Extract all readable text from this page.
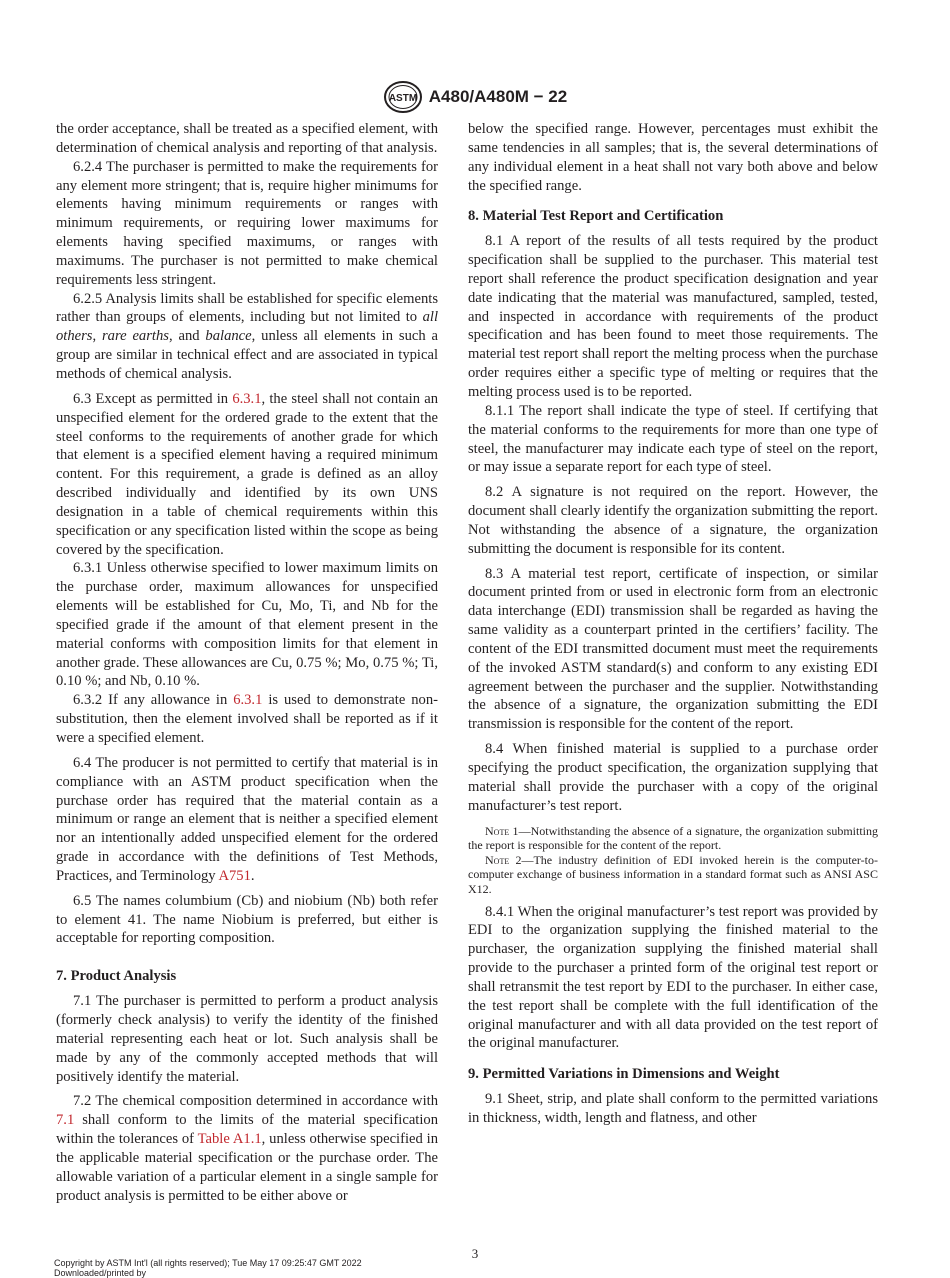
ASTM A480/A480M − 22

the order acceptance, shall be treated as a specified element, with determination of chemical analysis and reporting of that analysis.

6.2.4 The purchaser is permitted to make the requirements for any element more stringent; that is, require higher minimums for elements having minimum requirements or ranges with minimum requirements, or requiring lower maximums for elements having specified maximums, or ranges with maximums. The purchaser is not permitted to make chemical requirements less stringent.

6.2.5 Analysis limits shall be established for specific elements rather than groups of elements, including but not limited to all others, rare earths, and balance, unless all elements in such a group are similar in technical effect and are associated in typical methods of chemical analysis.

6.3 Except as permitted in 6.3.1, the steel shall not contain an unspecified element for the ordered grade to the extent that the steel conforms to the requirements of another grade for which that element is a specified element having a required minimum content. For this requirement, a grade is defined as an alloy described individually and identified by its own UNS designation in a table of chemical requirements within this specification or any specification listed within the scope as being covered by the specification.

6.3.1 Unless otherwise specified to lower maximum limits on the purchase order, maximum allowances for unspecified elements will be established for Cu, Mo, Ti, and Nb for the specified grade if the amount of that element present in the material conforms with composition limits for that element in another grade. These allowances are Cu, 0.75 %; Mo, 0.75 %; Ti, 0.10 %; and Nb, 0.10 %.

6.3.2 If any allowance in 6.3.1 is used to demonstrate non-substitution, then the element involved shall be reported as if it were a specified element.

6.4 The producer is not permitted to certify that material is in compliance with an ASTM product specification when the purchase order has required that the material contain as a minimum or range an element that is neither a specified element nor an intentionally added unspecified element for the ordered grade in accordance with the definitions of Test Methods, Practices, and Terminology A751.

6.5 The names columbium (Cb) and niobium (Nb) both refer to element 41. The name Niobium is preferred, but either is acceptable for reporting composition.

7. Product Analysis

7.1 The purchaser is permitted to perform a product analysis (formerly check analysis) to verify the identity of the finished material representing each heat or lot. Such analysis shall be made by any of the commonly accepted methods that will positively identify the material.

7.2 The chemical composition determined in accordance with 7.1 shall conform to the limits of the material specification within the tolerances of Table A1.1, unless otherwise specified in the applicable material specification or the purchase order. The allowable variation of a particular element in a single sample for product analysis is permitted to be either above or

below the specified range. However, percentages must exhibit the same tendencies in all samples; that is, the several determinations of any individual element in a heat shall not vary both above and below the specified range.

8. Material Test Report and Certification

8.1 A report of the results of all tests required by the product specification shall be supplied to the purchaser. This material test report shall reference the product specification designation and year date indicating that the material was manufactured, sampled, tested, and inspected in accordance with requirements of the product specification and has been found to meet those requirements. The material test report shall report the melting process when the purchase order requires either a specific type of melting or requires that the melting process used is to be reported.

8.1.1 The report shall indicate the type of steel. If certifying that the material conforms to the requirements for more than one type of steel, the manufacturer may indicate each type of steel on the report, or may issue a separate report for each type of steel.

8.2 A signature is not required on the report. However, the document shall clearly identify the organization submitting the report. Not withstanding the absence of a signature, the organization submitting the document is responsible for its content.

8.3 A material test report, certificate of inspection, or similar document printed from or used in electronic form from an electronic data interchange (EDI) transmission shall be regarded as having the same validity as a counterpart printed in the certifiers’ facility. The content of the EDI transmitted document must meet the requirements of the invoked ASTM standard(s) and conform to any existing EDI agreement between the purchaser and the supplier. Notwithstanding the absence of a signature, the organization submitting the EDI transmission is responsible for the content of the report.

8.4 When finished material is supplied to a purchase order specifying the product specification, the organization supplying that material shall provide the purchaser with a copy of the original manufacturer’s test report.

Note 1—Notwithstanding the absence of a signature, the organization submitting the report is responsible for the content of the report.

Note 2—The industry definition of EDI invoked herein is the computer-to-computer exchange of business information in a standard format such as ANSI ASC X12.

8.4.1 When the original manufacturer’s test report was provided by EDI to the organization supplying the finished material to the purchaser, the organization supplying the finished material shall provide to the purchaser a printed form of the original test report or shall retransmit the test report by EDI to the purchaser. In either case, the test report shall be complete with the full identification of the original manufacturer and with all data provided on the test report of the original manufacturer.

9. Permitted Variations in Dimensions and Weight

9.1 Sheet, strip, and plate shall conform to the permitted variations in thickness, width, length and flatness, and other

3
Copyright by ASTM Int'l (all rights reserved); Tue May 17 09:25:47 GMT 2022
Downloaded/printed by
